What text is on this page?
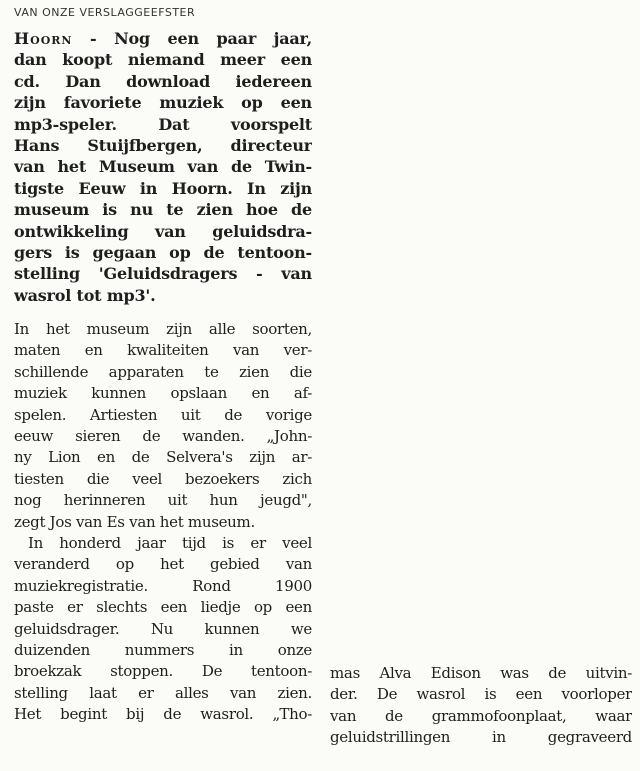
VAN ONZE VERSLAGGEEFSTER
Hoorn - Nog een paar jaar,
dan koopt niemand meer een
cd. Dan download iedereen
zijn favoriete muziek op een
mp3-speler. Dat voorspelt
Hans Stuijfbergen, directeur
van het Museum van de Twin-
tigste Eeuw in Hoorn. In zijn
museum is nu te zien hoe de
ontwikkeling van geluidsdra-
gers is gegaan op de tentoon-
stelling 'Geluidsdragers - van
wasrol tot mp3'.
In het museum zijn alle soorten,
maten en kwaliteiten van ver-
schillende apparaten te zien die
muziek kunnen opslaan en af-
spelen. Artiesten uit de vorige
eeuw sieren de wanden. „John-
ny Lion en de Selvera's zijn ar-
tiesten die veel bezoekers zich
nog herinneren uit hun jeugd",
zegt Jos van Es van het museum.
In honderd jaar tijd is er veel
veranderd op het gebied van
muziekregistratie. Rond 1900
paste er slechts een liedje op een
geluidsdrager. Nu kunnen we
duizenden nummers in onze
broekzak stoppen. De tentoon-
stelling laat er alles van zien.
Het begint bij de wasrol. „Tho-
mas Alva Edison was de uitvin-
der. De wasrol is een voorloper
van de grammofoonplaat, waar
geluidstrillingen in gegraveerd
